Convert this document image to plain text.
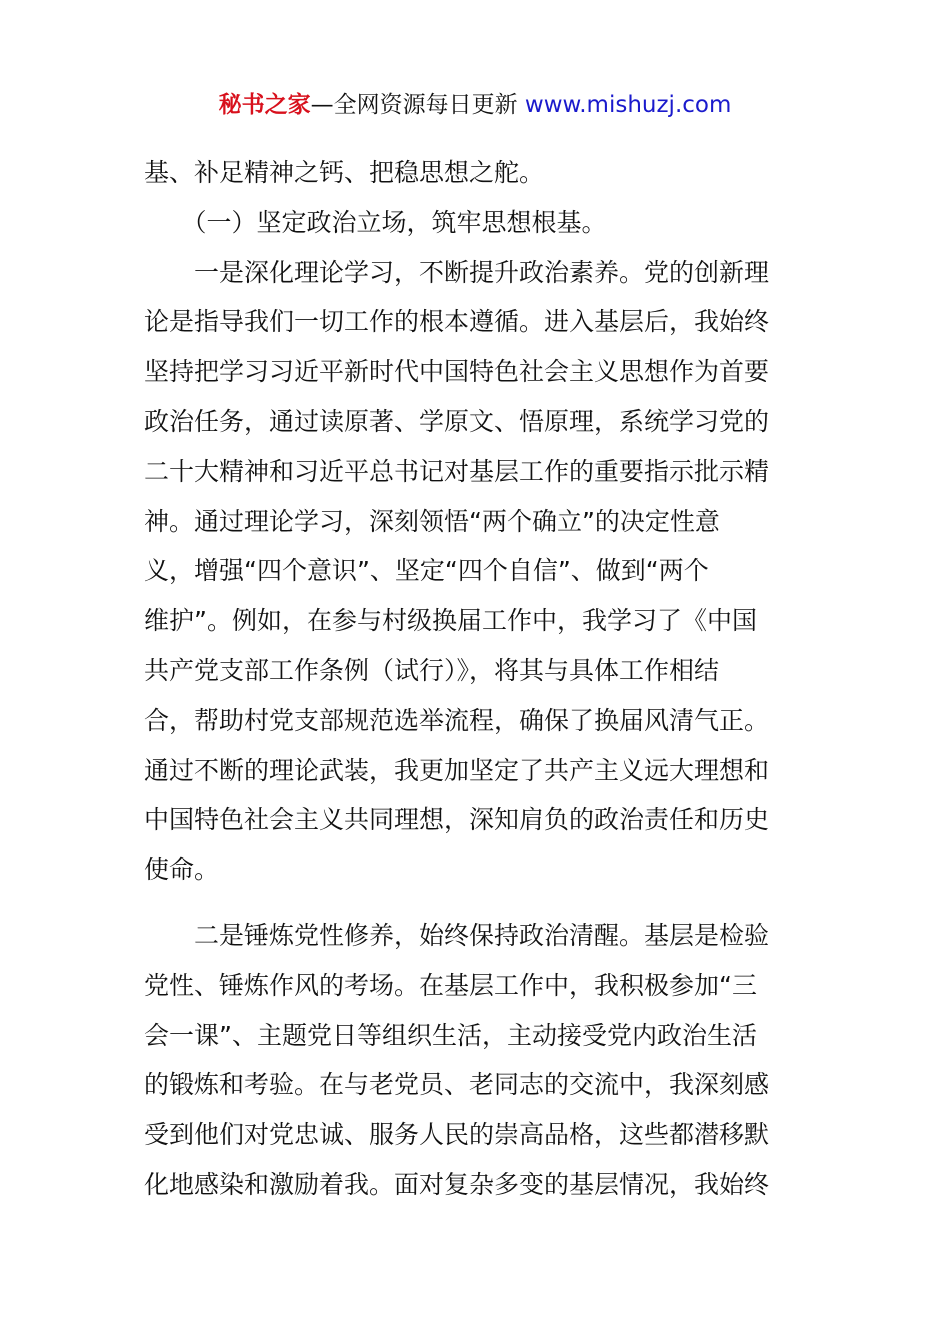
秘书之家—全网资源每日更新 www.mishuzj.com
基、补足精神之钙、把稳思想之舵。
　　（一）坚定政治立场，筑牢思想根基。
　　一是深化理论学习，不断提升政治素养。党的创新理
论是指导我们一切工作的根本遵循。进入基层后，我始终
坚持把学习习近平新时代中国特色社会主义思想作为首要
政治任务，通过读原著、学原文、悟原理，系统学习党的
二十大精神和习近平总书记对基层工作的重要指示批示精
神。通过理论学习，深刻领悟“两个确立”的决定性意
义，增强“四个意识”、坚定“四个自信”、做到“两个
维护”。例如，在参与村级换届工作中，我学习了《中国
共产党支部工作条例（试行）》，将其与具体工作相结
合，帮助村党支部规范选举流程，确保了换届风清气正。
通过不断的理论武装，我更加坚定了共产主义远大理想和
中国特色社会主义共同理想，深知肩负的政治责任和历史
使命。
　　二是锤炼党性修养，始终保持政治清醒。基层是检验
党性、锤炼作风的考场。在基层工作中，我积极参加“三
会一课”、主题党日等组织生活，主动接受党内政治生活
的锻炼和考验。在与老党员、老同志的交流中，我深刻感
受到他们对党忠诚、服务人民的崇高品格，这些都潜移默
化地感染和激励着我。面对复杂多变的基层情况，我始终
